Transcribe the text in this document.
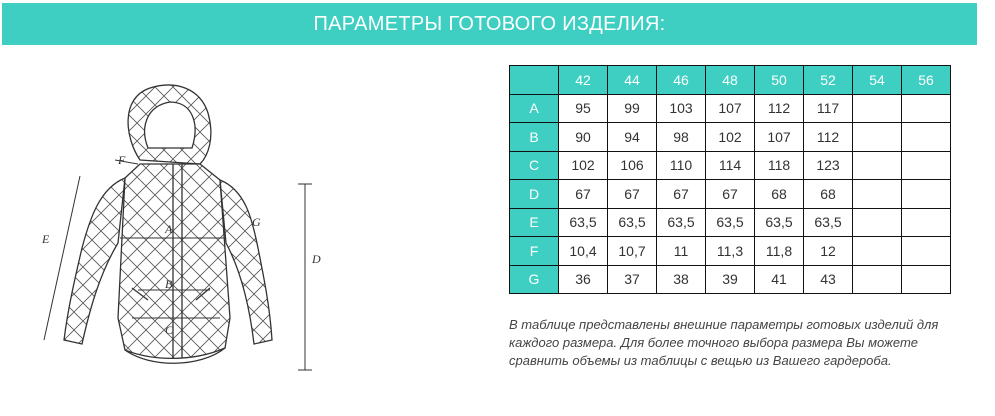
ПАРАМЕТРЫ ГОТОВОГО ИЗДЕЛИЯ:
D
E
A
B
C
F
G
	42	44	46	48	50	52	54	56
A	95	99	103	107	112	117		
B	90	94	98	102	107	112		
C	102	106	110	114	118	123		
D	67	67	67	67	68	68		
E	63,5	63,5	63,5	63,5	63,5	63,5		
F	10,4	10,7	11	11,3	11,8	12		
G	36	37	38	39	41	43		
В таблице представлены внешние параметры готовых изделий для каждого размера. Для более точного выбора размера Вы можете сравнить объемы из таблицы с вещью из Вашего гардероба.
